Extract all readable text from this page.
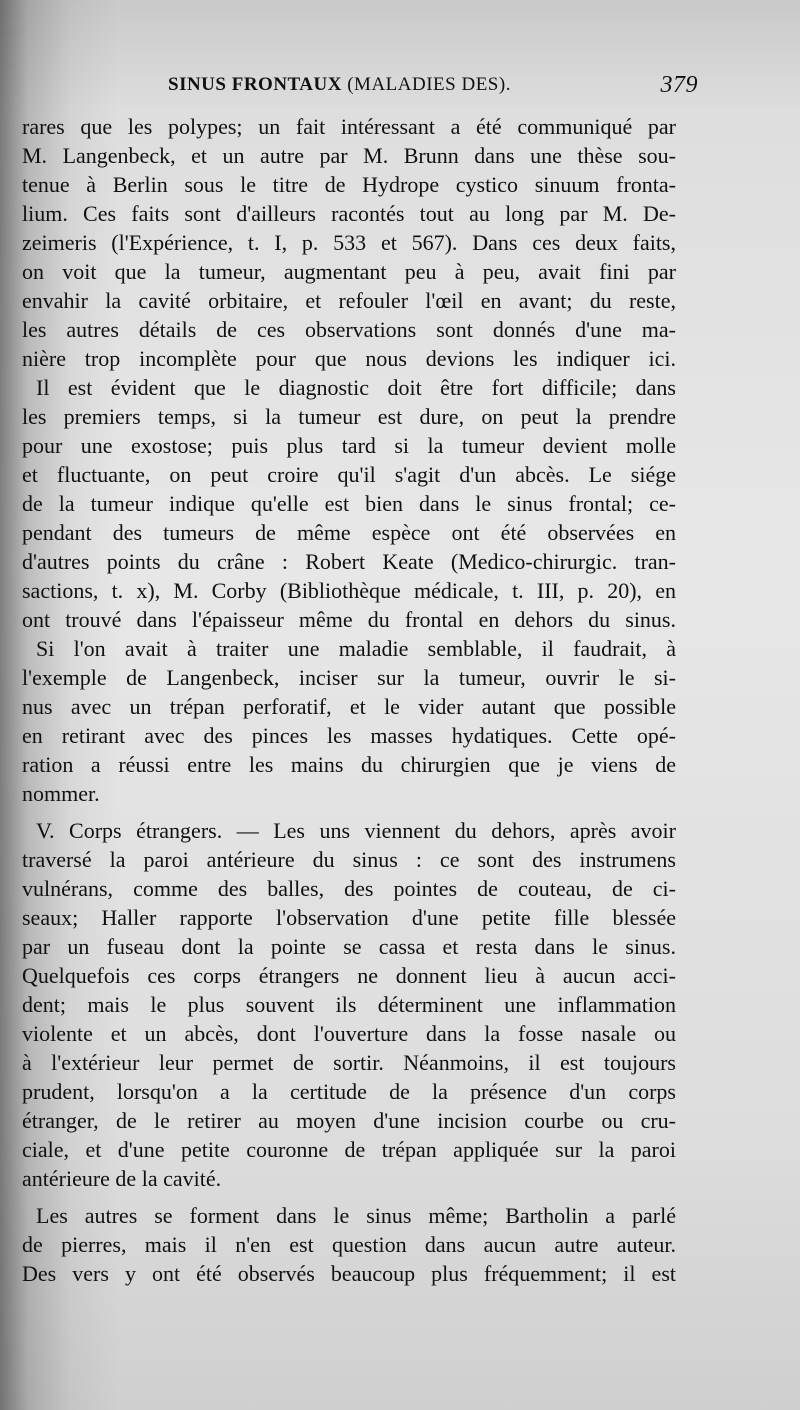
SINUS FRONTAUX (MALADIES DES).	379
rares que les polypes; un fait intéressant a été communiqué par
M. Langenbeck, et un autre par M. Brunn dans une thèse sou-
tenue à Berlin sous le titre de Hydrope cystico sinuum fronta-
lium. Ces faits sont d'ailleurs racontés tout au long par M. De-
zeimeris (l'Expérience, t. I, p. 533 et 567). Dans ces deux faits,
on voit que la tumeur, augmentant peu à peu, avait fini par
envahir la cavité orbitaire, et refouler l'œil en avant; du reste,
les autres détails de ces observations sont donnés d'une ma-
nière trop incomplète pour que nous devions les indiquer ici.
Il est évident que le diagnostic doit être fort difficile; dans
les premiers temps, si la tumeur est dure, on peut la prendre
pour une exostose; puis plus tard si la tumeur devient molle
et fluctuante, on peut croire qu'il s'agit d'un abcès. Le siége
de la tumeur indique qu'elle est bien dans le sinus frontal; ce-
pendant des tumeurs de même espèce ont été observées en
d'autres points du crâne : Robert Keate (Medico-chirurgic. tran-
sactions, t. x), M. Corby (Bibliothèque médicale, t. III, p. 20), en
ont trouvé dans l'épaisseur même du frontal en dehors du sinus.
Si l'on avait à traiter une maladie semblable, il faudrait, à
l'exemple de Langenbeck, inciser sur la tumeur, ouvrir le si-
nus avec un trépan perforatif, et le vider autant que possible
en retirant avec des pinces les masses hydatiques. Cette opé-
ration a réussi entre les mains du chirurgien que je viens de
nommer.
V. Corps étrangers. — Les uns viennent du dehors, après avoir
traversé la paroi antérieure du sinus : ce sont des instrumens
vulnérans, comme des balles, des pointes de couteau, de ci-
seaux; Haller rapporte l'observation d'une petite fille blessée
par un fuseau dont la pointe se cassa et resta dans le sinus.
Quelquefois ces corps étrangers ne donnent lieu à aucun acci-
dent; mais le plus souvent ils déterminent une inflammation
violente et un abcès, dont l'ouverture dans la fosse nasale ou
à l'extérieur leur permet de sortir. Néanmoins, il est toujours
prudent, lorsqu'on a la certitude de la présence d'un corps
étranger, de le retirer au moyen d'une incision courbe ou cru-
ciale, et d'une petite couronne de trépan appliquée sur la paroi
antérieure de la cavité.
Les autres se forment dans le sinus même; Bartholin a parlé
de pierres, mais il n'en est question dans aucun autre auteur.
Des vers y ont été observés beaucoup plus fréquemment; il est
